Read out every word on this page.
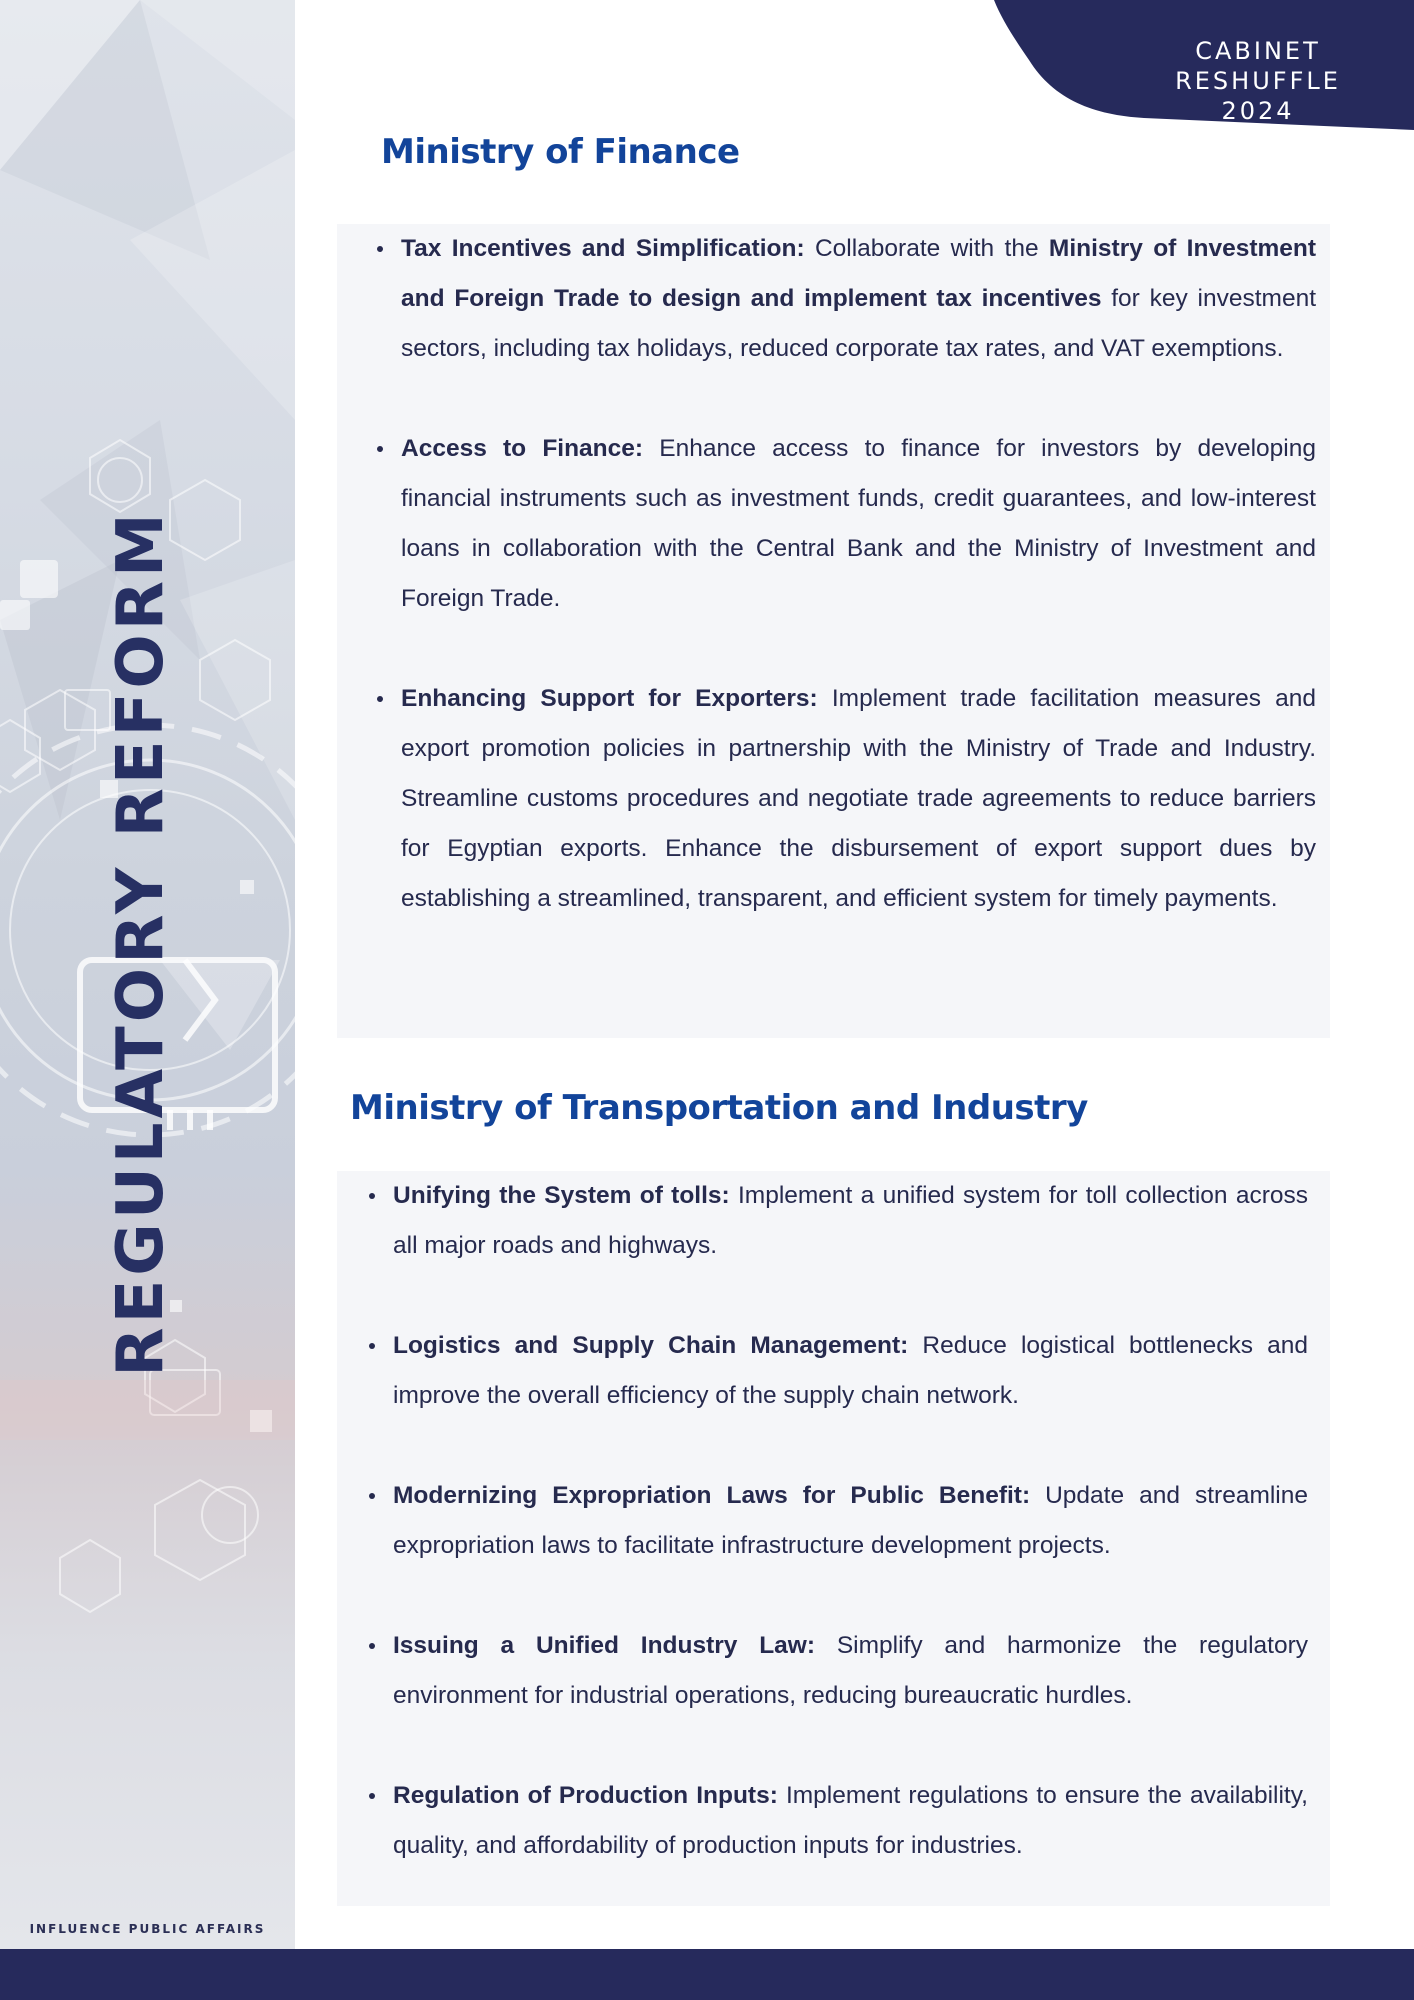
REGULATORY REFORM
INFLUENCE PUBLIC AFFAIRS
CABINET RESHUFFLE
2024
Ministry of Finance
Tax Incentives and Simplification: Collaborate with the Ministry of Investment and Foreign Trade to design and implement tax incentives for key investment sectors, including tax holidays, reduced corporate tax rates, and VAT exemptions.
Access to Finance: Enhance access to finance for investors by developing financial instruments such as investment funds, credit guarantees, and low-interest loans in collaboration with the Central Bank and the Ministry of Investment and Foreign Trade.
Enhancing Support for Exporters: Implement trade facilitation measures and export promotion policies in partnership with the Ministry of Trade and Industry. Streamline customs procedures and negotiate trade agreements to reduce barriers for Egyptian exports. Enhance the disbursement of export support dues by establishing a streamlined, transparent, and efficient system for timely payments.
Ministry of Transportation and Industry
Unifying the System of tolls: Implement a unified system for toll collection across all major roads and highways.
Logistics and Supply Chain Management: Reduce logistical bottlenecks and improve the overall efficiency of the supply chain network.
Modernizing Expropriation Laws for Public Benefit: Update and streamline expropriation laws to facilitate infrastructure development projects.
Issuing a Unified Industry Law: Simplify and harmonize the regulatory environment for industrial operations, reducing bureaucratic hurdles.
Regulation of Production Inputs: Implement regulations to ensure the availability, quality, and affordability of production inputs for industries.
